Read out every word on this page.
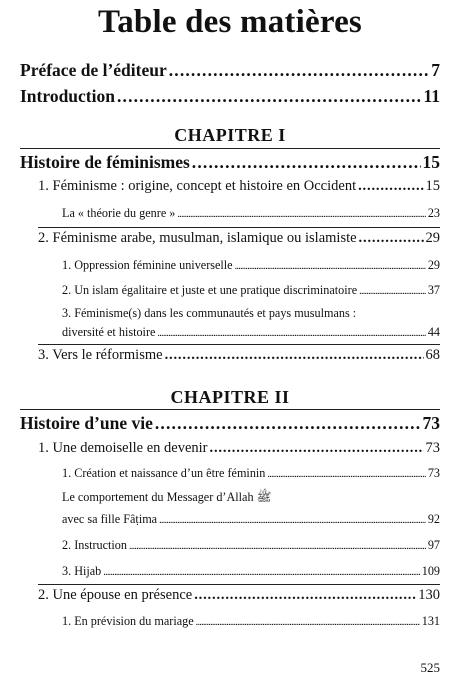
Table des matières
Préface de l’éditeur . . .	7
Introduction . . .	11
CHAPITRE I
Histoire de féminismes . . .	15
1. Féminisme : origine, concept et histoire en Occident . . .	15
La « théorie du genre » . . .	23
2. Féminisme arabe, musulman, islamique ou islamiste . . .	29
1. Oppression féminine universelle . . .	29
2. Un islam égalitaire et juste et une pratique discriminatoire . . .	37
3. Féminisme(s) dans les communautés et pays musulmans :
diversité et histoire . . .	44
3. Vers le réformisme . . .	68
CHAPITRE II
Histoire d’une vie . . .	73
1. Une demoiselle en devenir . . .	73
1. Création et naissance d’un être féminin . . .	73
Le comportement du Messager d’Allah ﷺ
avec sa fille Fâṭima . . .	92
2. Instruction . . .	97
3. Hijab . . .	109
2. Une épouse en présence . . .	130
1. En prévision du mariage . . .	131
525
